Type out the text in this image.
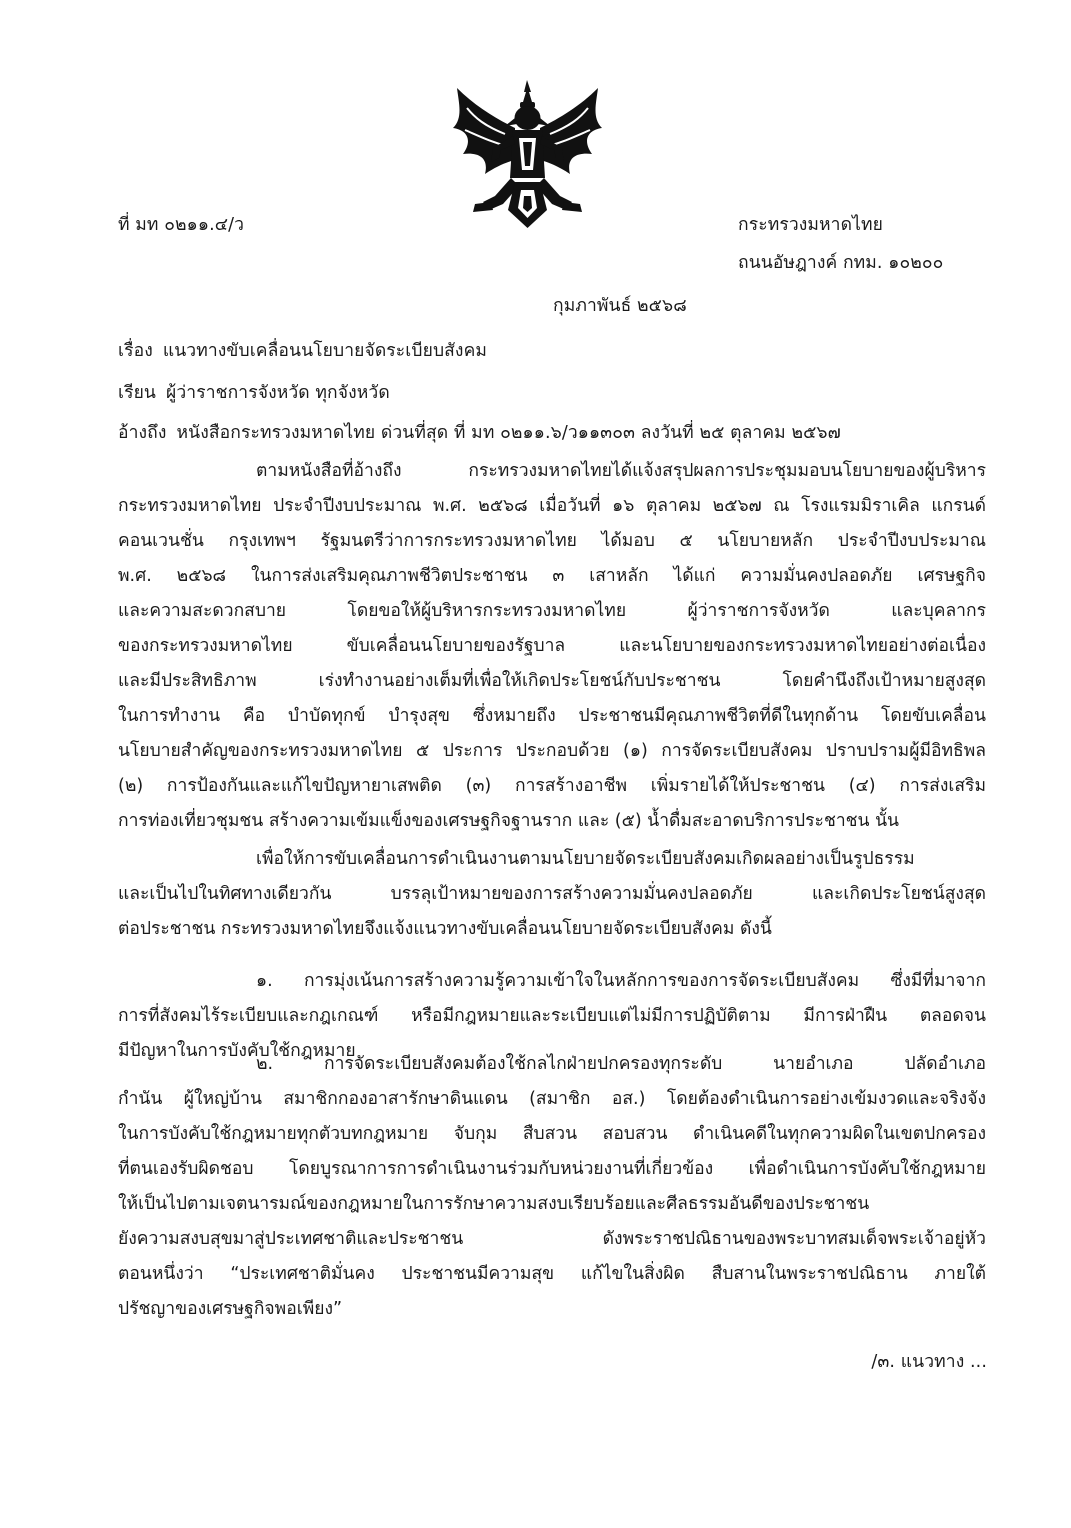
ที่ มท ๐๒๑๑.๔/ว	กระทรวงมหาดไทย
ถนนอัษฎางค์ กทม. ๑๐๒๐๐
กุมภาพันธ์ ๒๕๖๘
เรื่อง แนวทางขับเคลื่อนนโยบายจัดระเบียบสังคม
เรียน ผู้ว่าราชการจังหวัด ทุกจังหวัด
อ้างถึง หนังสือกระทรวงมหาดไทย ด่วนที่สุด ที่ มท ๐๒๑๑.๖/ว๑๑๓๐๓ ลงวันที่ ๒๕ ตุลาคม ๒๕๖๗
ตามหนังสือที่อ้างถึง กระทรวงมหาดไทยได้แจ้งสรุปผลการประชุมมอบนโยบายของผู้บริหาร
กระทรวงมหาดไทย ประจำปีงบประมาณ พ.ศ. ๒๕๖๘ เมื่อวันที่ ๑๖ ตุลาคม ๒๕๖๗ ณ โรงแรมมิราเคิล แกรนด์
คอนเวนชั่น กรุงเทพฯ รัฐมนตรีว่าการกระทรวงมหาดไทย ได้มอบ ๕ นโยบายหลัก ประจำปีงบประมาณ
พ.ศ. ๒๕๖๘ ในการส่งเสริมคุณภาพชีวิตประชาชน ๓ เสาหลัก ได้แก่ ความมั่นคงปลอดภัย เศรษฐกิจ
และความสะดวกสบาย โดยขอให้ผู้บริหารกระทรวงมหาดไทย ผู้ว่าราชการจังหวัด และบุคลากร
ของกระทรวงมหาดไทย ขับเคลื่อนนโยบายของรัฐบาล และนโยบายของกระทรวงมหาดไทยอย่างต่อเนื่อง
และมีประสิทธิภาพ เร่งทำงานอย่างเต็มที่เพื่อให้เกิดประโยชน์กับประชาชน โดยคำนึงถึงเป้าหมายสูงสุด
ในการทำงาน คือ บำบัดทุกข์ บำรุงสุข ซึ่งหมายถึง ประชาชนมีคุณภาพชีวิตที่ดีในทุกด้าน โดยขับเคลื่อน
นโยบายสำคัญของกระทรวงมหาดไทย ๕ ประการ ประกอบด้วย (๑) การจัดระเบียบสังคม ปราบปรามผู้มีอิทธิพล
(๒) การป้องกันและแก้ไขปัญหายาเสพติด (๓) การสร้างอาชีพ เพิ่มรายได้ให้ประชาชน (๔) การส่งเสริม
การท่องเที่ยวชุมชน สร้างความเข้มแข็งของเศรษฐกิจฐานราก และ (๕) น้ำดื่มสะอาดบริการประชาชน นั้น
เพื่อให้การขับเคลื่อนการดำเนินงานตามนโยบายจัดระเบียบสังคมเกิดผลอย่างเป็นรูปธรรม
และเป็นไปในทิศทางเดียวกัน บรรลุเป้าหมายของการสร้างความมั่นคงปลอดภัย และเกิดประโยชน์สูงสุด
ต่อประชาชน กระทรวงมหาดไทยจึงแจ้งแนวทางขับเคลื่อนนโยบายจัดระเบียบสังคม ดังนี้
๑. การมุ่งเน้นการสร้างความรู้ความเข้าใจในหลักการของการจัดระเบียบสังคม ซึ่งมีที่มาจาก
การที่สังคมไร้ระเบียบและกฎเกณฑ์ หรือมีกฎหมายและระเบียบแต่ไม่มีการปฏิบัติตาม มีการฝ่าฝืน ตลอดจน
มีปัญหาในการบังคับใช้กฎหมาย
๒. การจัดระเบียบสังคมต้องใช้กลไกฝ่ายปกครองทุกระดับ นายอำเภอ ปลัดอำเภอ
กำนัน ผู้ใหญ่บ้าน สมาชิกกองอาสารักษาดินแดน (สมาชิก อส.) โดยต้องดำเนินการอย่างเข้มงวดและจริงจัง
ในการบังคับใช้กฎหมายทุกตัวบทกฎหมาย จับกุม สืบสวน สอบสวน ดำเนินคดีในทุกความผิดในเขตปกครอง
ที่ตนเองรับผิดชอบ โดยบูรณาการการดำเนินงานร่วมกับหน่วยงานที่เกี่ยวข้อง เพื่อดำเนินการบังคับใช้กฎหมาย
ให้เป็นไปตามเจตนารมณ์ของกฎหมายในการรักษาความสงบเรียบร้อยและศีลธรรมอันดีของประชาชน
ยังความสงบสุขมาสู่ประเทศชาติและประชาชน ดังพระราชปณิธานของพระบาทสมเด็จพระเจ้าอยู่หัว
ตอนหนึ่งว่า “ประเทศชาติมั่นคง ประชาชนมีความสุข แก้ไขในสิ่งผิด สืบสานในพระราชปณิธาน ภายใต้
ปรัชญาของเศรษฐกิจพอเพียง”
/๓. แนวทาง ...
